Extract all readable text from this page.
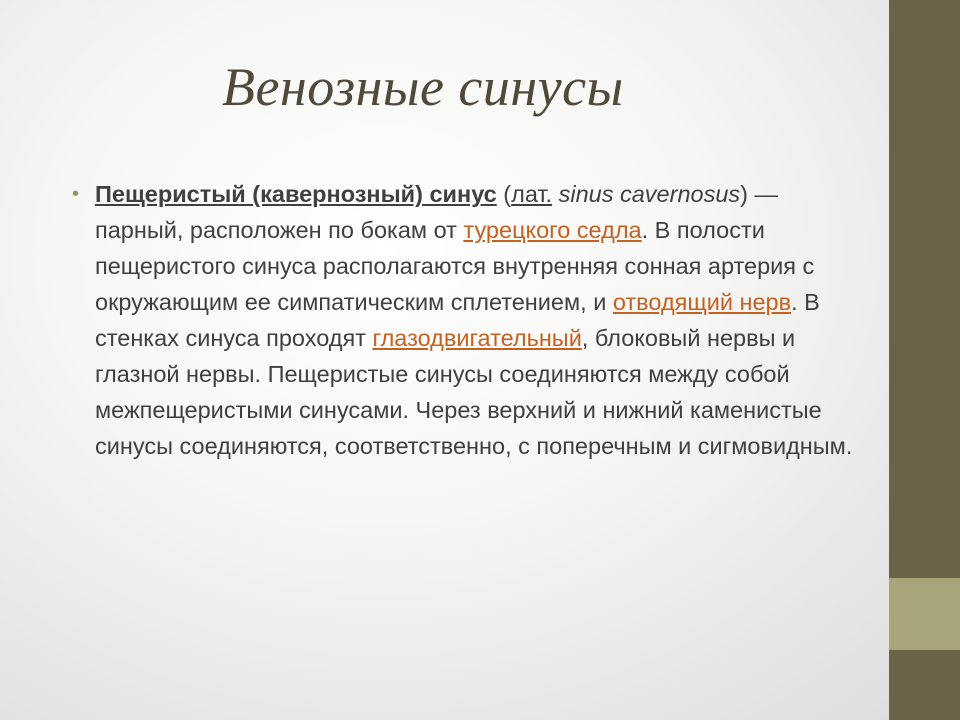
Венозные синусы
• Пещеристый (кавернозный) синус (лат. sinus cavernosus) — парный, расположен по бокам от турецкого седла. В полости пещеристого синуса располагаются внутренняя сонная артерия с окружающим ее симпатическим сплетением, и отводящий нерв. В стенках синуса проходят глазодвигательный, блоковый нервы и глазной нервы. Пещеристые синусы соединяются между собой межпещеристыми синусами. Через верхний и нижний каменистые синусы соединяются, соответственно, с поперечным и сигмовидным.
